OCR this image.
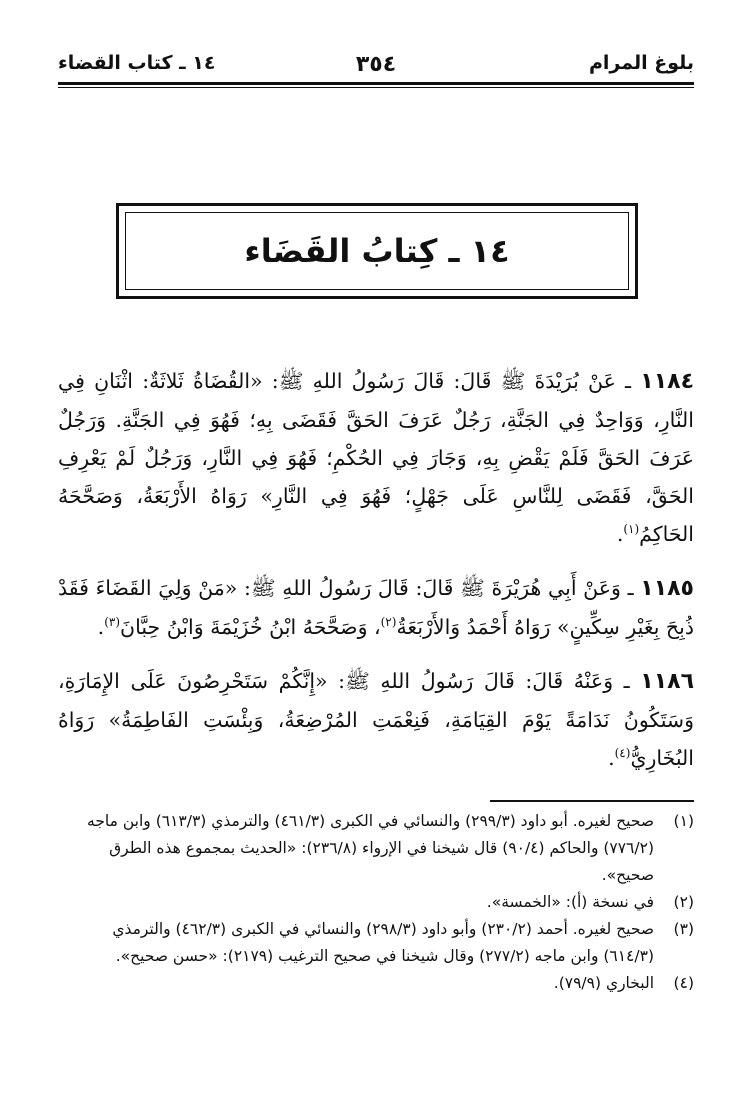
بلوغ المرام
٣٥٤
١٤ ـ كتاب القضاء
١٤ ـ كِتابُ القَضَاء

١١٨٤ ـ عَنْ بُرَيْدَةَ ﷺ قَالَ: قَالَ رَسُولُ اللهِ ﷺ: «القُضَاةُ ثَلاثَةٌ: اثْنَانِ فِي النَّارِ، وَوَاحِدٌ فِي الجَنَّةِ، رَجُلٌ عَرَفَ الحَقَّ فَقَضَى بِهِ؛ فَهُوَ فِي الجَنَّةِ. وَرَجُلٌ عَرَفَ الحَقَّ فَلَمْ يَقْضِ بِهِ، وَجَارَ فِي الحُكْمِ؛ فَهُوَ فِي النَّارِ، وَرَجُلٌ لَمْ يَعْرِفِ الحَقَّ، فَقَضَى لِلنَّاسِ عَلَى جَهْلٍ؛ فَهُوَ فِي النَّارِ» رَوَاهُ الأَرْبَعَةُ، وَصَحَّحَهُ الحَاكِمُ$^{(١)}$.

١١٨٥ ـ وَعَنْ أَبِي هُرَيْرَةَ ﷺ قَالَ: قَالَ رَسُولُ اللهِ ﷺ: «مَنْ وَلِيَ القَضَاءَ فَقَدْ ذُبِحَ بِغَيْرِ سِكِّينٍ» رَوَاهُ أَحْمَدُ وَالأَرْبَعَةُ$^{(٢)}$، وَصَحَّحَهُ ابْنُ خُزَيْمَةَ وَابْنُ حِبَّانَ$^{(٣)}$.

١١٨٦ ـ وَعَنْهُ قَالَ: قَالَ رَسُولُ اللهِ ﷺ: «إِنَّكُمْ سَتَحْرِصُونَ عَلَى الإِمَارَةِ، وَسَتَكُونُ نَدَامَةً يَوْمَ القِيَامَةِ، فَنِعْمَتِ المُرْضِعَةُ، وَبِئْسَتِ الفَاطِمَةُ» رَوَاهُ البُخَارِيُّ$^{(٤)}$.

(١)
صحيح لغيره. أبو داود (٢٩٩/٣) والنسائي في الكبرى (٤٦١/٣) والترمذي (٦١٣/٣) وابن ماجه (٧٧٦/٢) والحاكم (٩٠/٤) قال شيخنا في الإرواء (٢٣٦/٨): «الحديث بمجموع هذه الطرق صحيح».
(٢)
في نسخة (أ): «الخمسة».
(٣)
صحيح لغيره. أحمد (٢٣٠/٢) وأبو داود (٢٩٨/٣) والنسائي في الكبرى (٤٦٢/٣) والترمذي (٦١٤/٣) وابن ماجه (٢٧٧/٢) وقال شيخنا في صحيح الترغيب (٢١٧٩): «حسن صحيح».
(٤)
البخاري (٧٩/٩).
